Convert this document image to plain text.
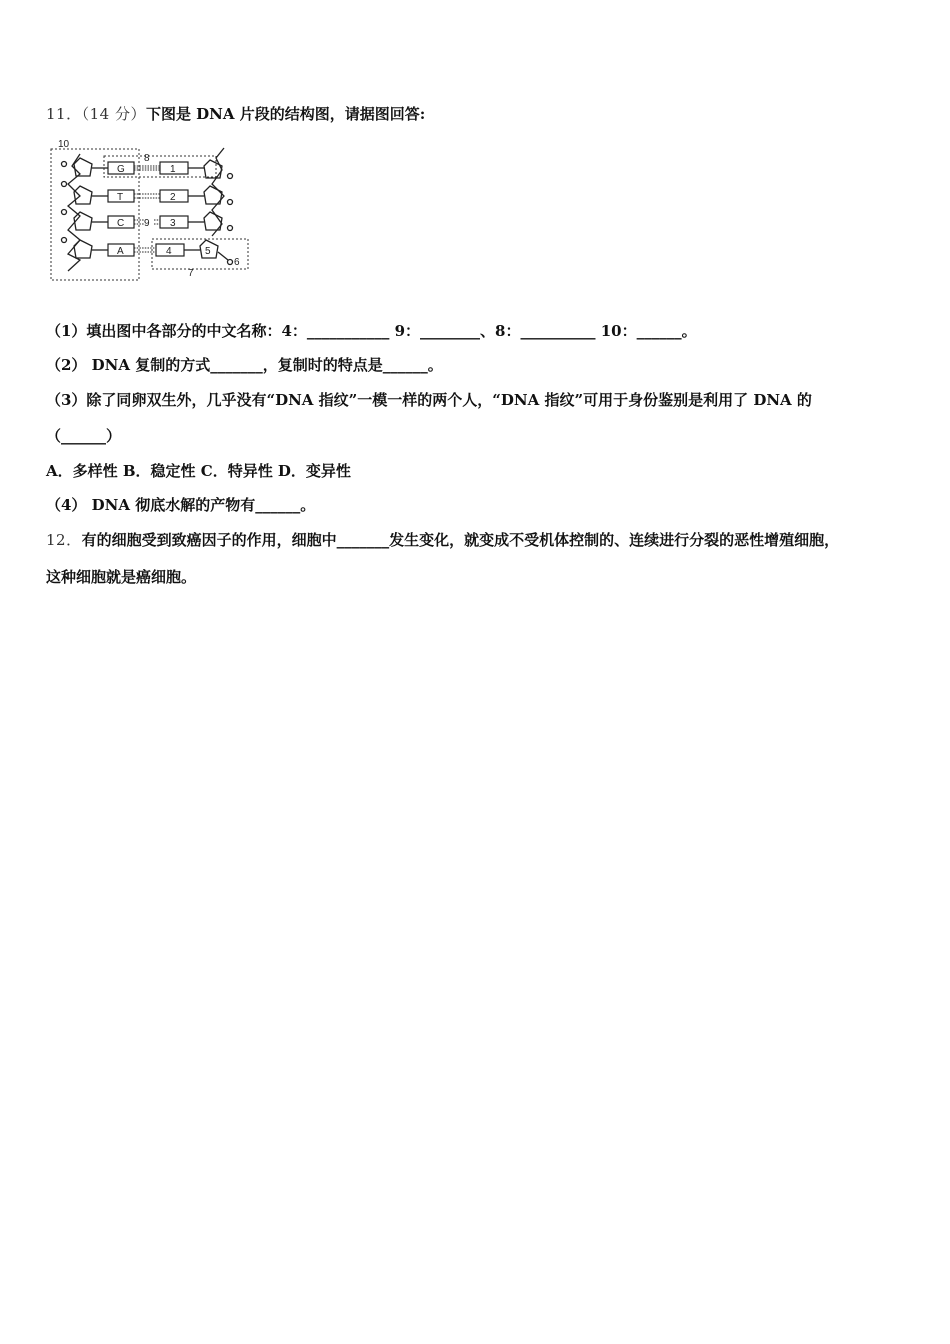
11．（14 分）下图是 DNA 片段的结构图，请据图回答:
10
8
9
7
6
5
G
T
C
A
1
2
3
4
（1）填出图中各部分的中文名称：4：___________ 9：________、8：__________ 10：______。
（2） DNA 复制的方式_______，复制时的特点是______。
（3）除了同卵双生外，几乎没有“DNA 指纹”一模一样的两个人，“DNA 指纹”可用于身份鉴别是利用了 DNA 的
（______）
A．多样性 B．稳定性 C．特异性 D．变异性
（4） DNA 彻底水解的产物有______。
12．有的细胞受到致癌因子的作用，细胞中_______发生变化，就变成不受机体控制的、连续进行分裂的恶性增殖细胞，
这种细胞就是癌细胞。
